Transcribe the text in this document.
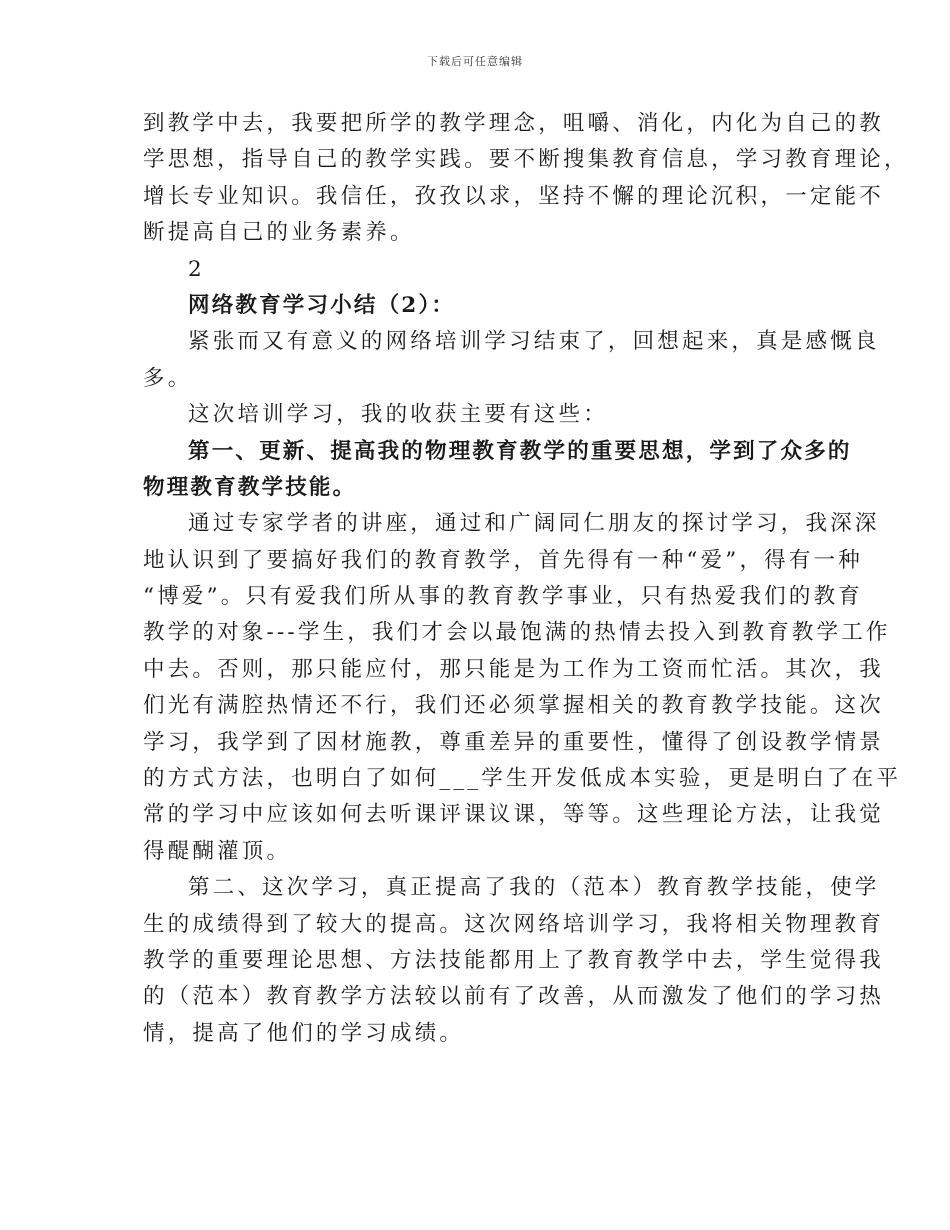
下载后可任意编辑
到教学中去，我要把所学的教学理念，咀嚼、消化，内化为自己的教
学思想，指导自己的教学实践。要不断搜集教育信息，学习教育理论，
增长专业知识。我信任，孜孜以求，坚持不懈的理论沉积，一定能不
断提高自己的业务素养。
2
网络教育学习小结（2）：
紧张而又有意义的网络培训学习结束了，回想起来，真是感慨良
多。
这次培训学习，我的收获主要有这些：
第一、更新、提高我的物理教育教学的重要思想，学到了众多的
物理教育教学技能。
通过专家学者的讲座，通过和广阔同仁朋友的探讨学习，我深深
地认识到了要搞好我们的教育教学，首先得有一种“爱”，得有一种
“博爱”。只有爱我们所从事的教育教学事业，只有热爱我们的教育
教学的对象---学生，我们才会以最饱满的热情去投入到教育教学工作
中去。否则，那只能应付，那只能是为工作为工资而忙活。其次，我
们光有满腔热情还不行，我们还必须掌握相关的教育教学技能。这次
学习，我学到了因材施教，尊重差异的重要性，懂得了创设教学情景
的方式方法，也明白了如何___学生开发低成本实验，更是明白了在平
常的学习中应该如何去听课评课议课，等等。这些理论方法，让我觉
得醍醐灌顶。
第二、这次学习，真正提高了我的（范本）教育教学技能，使学
生的成绩得到了较大的提高。这次网络培训学习，我将相关物理教育
教学的重要理论思想、方法技能都用上了教育教学中去，学生觉得我
的（范本）教育教学方法较以前有了改善，从而激发了他们的学习热
情，提高了他们的学习成绩。
